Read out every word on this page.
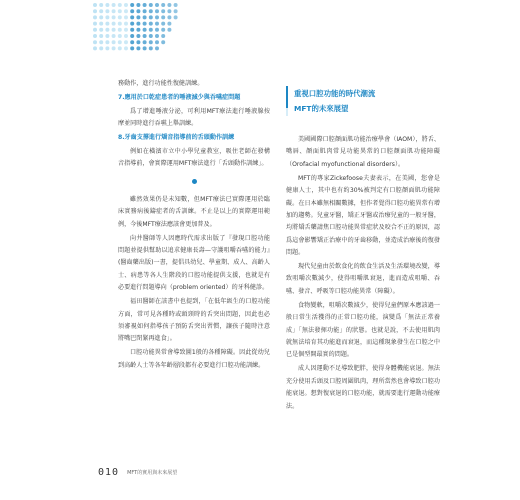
務動作，進行功能性復健訓練。

7.應用於口乾症患者的唾液減少與吞嚥症問題

爲了增進唾液分泌，可利用MFT療法進行唾液腺按摩並同時進行吞嚥上舉訓練。

8.牙齒支撐進行矯音指導前的舌頭動作訓練

例如在橫濱市立中小學兒童教室，吸住老師在發構音指導前，會實際運用MFT療法進行「舌頭動作訓練」。

雖然效果仍是未知數，但MFT療法已實際運用於臨床實務病後鑄症者的舌訓練。不止是以上的實際運用範例，今後MFT療法應該會更加普及。

向井醫師等人因應時代需求出版了『發現口腔功能問題並提供幫助以追求健康長壽—守護咀嚼吞嚥的能力』(醫齒藥出版)一書，提倡具幼兒、學童期、成人、高齡人士、病患等各人生階段的口腔功能提供支援，也就是有必要進行問題導向（problem oriented）的牙科健診。

福田醫師在該書中也提到，「在低年級生的口腔功能方面，常可見各種時或頭頸時的舌突出問題，因此也必須審視如何指導孩子預防舌突出習慣，讓孩子隨時注意將嘴巴閉緊再進食」。

口腔功能異常會導致圖1般的各種障礙。因此從幼兒到高齡人士等各年齡層段都有必要進行口腔功能訓練。

重視口腔功能的時代潮流
MFT的未來展望

美國國際口腔顏面肌功能治療學會（IAOM），將舌、嘴唇、顏面肌肉常見功能異常的口腔顏面肌功能障礙（Orofacial myofunctional disorders）。

MFT的專家Zickefoose夫妻表示，在美國，您會是健康人士，其中也有約30%被判定有口腔顏面肌功能障礙。在日本雖無相關數據，但作者覺得口腔功能異常有增加的趨勢。兒童牙醫，矯正牙醫或治療兒童的一般牙醫，均將矯舌藥請焦口腔功能異常症狀及咬合不正的原因，認爲這會影響矯正治療中的牙齒移動，並造成治療後的復發問題。

現代兒童由於飲食化的飲食生活及生活環境改變，導致咀嚼次數減少，使得咀嚼肌衰退，進而造成咀嚼、吞嚥、發音、呼吸等口腔功能異常（障礙）。

食物變軟，咀嚼次數減少，使得兒童們原本應該過一般日常生活獲得的正常口腔功能，演變爲「無法正常養成」「無法發揮功能」的狀態。也就是說，不去使用肌肉就無法培育其功能進而衰退，而這種現象發生在口腔之中已是個型開最實的問題。

成人因運動不足導致肥胖，使得身體機能衰退。無法充分使用舌頭及口腔周圍肌肉，理所當然也會導致口腔功能衰退。想對復衰退的口腔功能，就需要進行運動功能療法。

010 MFT的實用與未來展望
